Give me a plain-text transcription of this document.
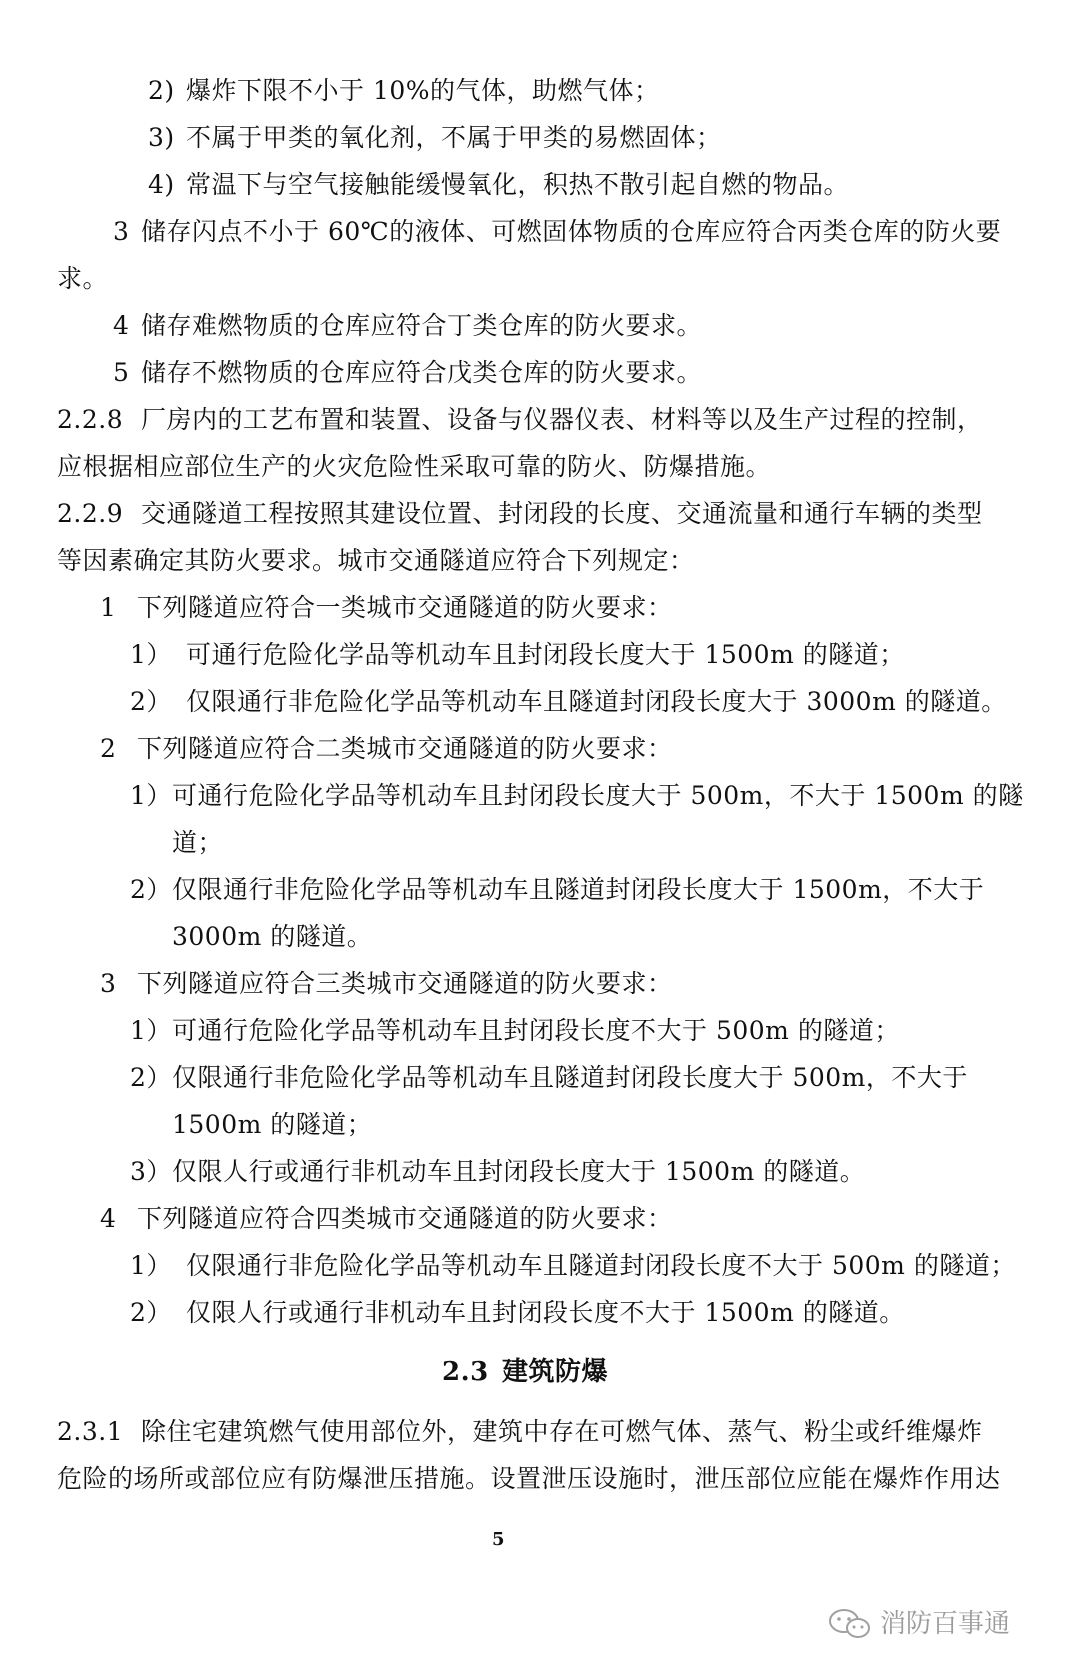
2) 爆炸下限不小于 10%的气体，助燃气体；
3) 不属于甲类的氧化剂，不属于甲类的易燃固体；
4) 常温下与空气接触能缓慢氧化，积热不散引起自燃的物品。
3 储存闪点不小于 60℃的液体、可燃固体物质的仓库应符合丙类仓库的防火要
求。
4 储存难燃物质的仓库应符合丁类仓库的防火要求。
5 储存不燃物质的仓库应符合戊类仓库的防火要求。
2.2.8 厂房内的工艺布置和装置、设备与仪器仪表、材料等以及生产过程的控制，
应根据相应部位生产的火灾危险性采取可靠的防火、防爆措施。
2.2.9 交通隧道工程按照其建设位置、封闭段的长度、交通流量和通行车辆的类型
等因素确定其防火要求。城市交通隧道应符合下列规定：
1 下列隧道应符合一类城市交通隧道的防火要求：
1） 可通行危险化学品等机动车且封闭段长度大于 1500m 的隧道；
2） 仅限通行非危险化学品等机动车且隧道封闭段长度大于 3000m 的隧道。
2 下列隧道应符合二类城市交通隧道的防火要求：
1）可通行危险化学品等机动车且封闭段长度大于 500m，不大于 1500m 的隧
道；
2）仅限通行非危险化学品等机动车且隧道封闭段长度大于 1500m，不大于
3000m 的隧道。
3 下列隧道应符合三类城市交通隧道的防火要求：
1）可通行危险化学品等机动车且封闭段长度不大于 500m 的隧道；
2）仅限通行非危险化学品等机动车且隧道封闭段长度大于 500m，不大于
1500m 的隧道；
3）仅限人行或通行非机动车且封闭段长度大于 1500m 的隧道。
4 下列隧道应符合四类城市交通隧道的防火要求：
1） 仅限通行非危险化学品等机动车且隧道封闭段长度不大于 500m 的隧道；
2） 仅限人行或通行非机动车且封闭段长度不大于 1500m 的隧道。
2.3 建筑防爆
2.3.1 除住宅建筑燃气使用部位外，建筑中存在可燃气体、蒸气、粉尘或纤维爆炸
危险的场所或部位应有防爆泄压措施。设置泄压设施时，泄压部位应能在爆炸作用达
5
消防百事通
